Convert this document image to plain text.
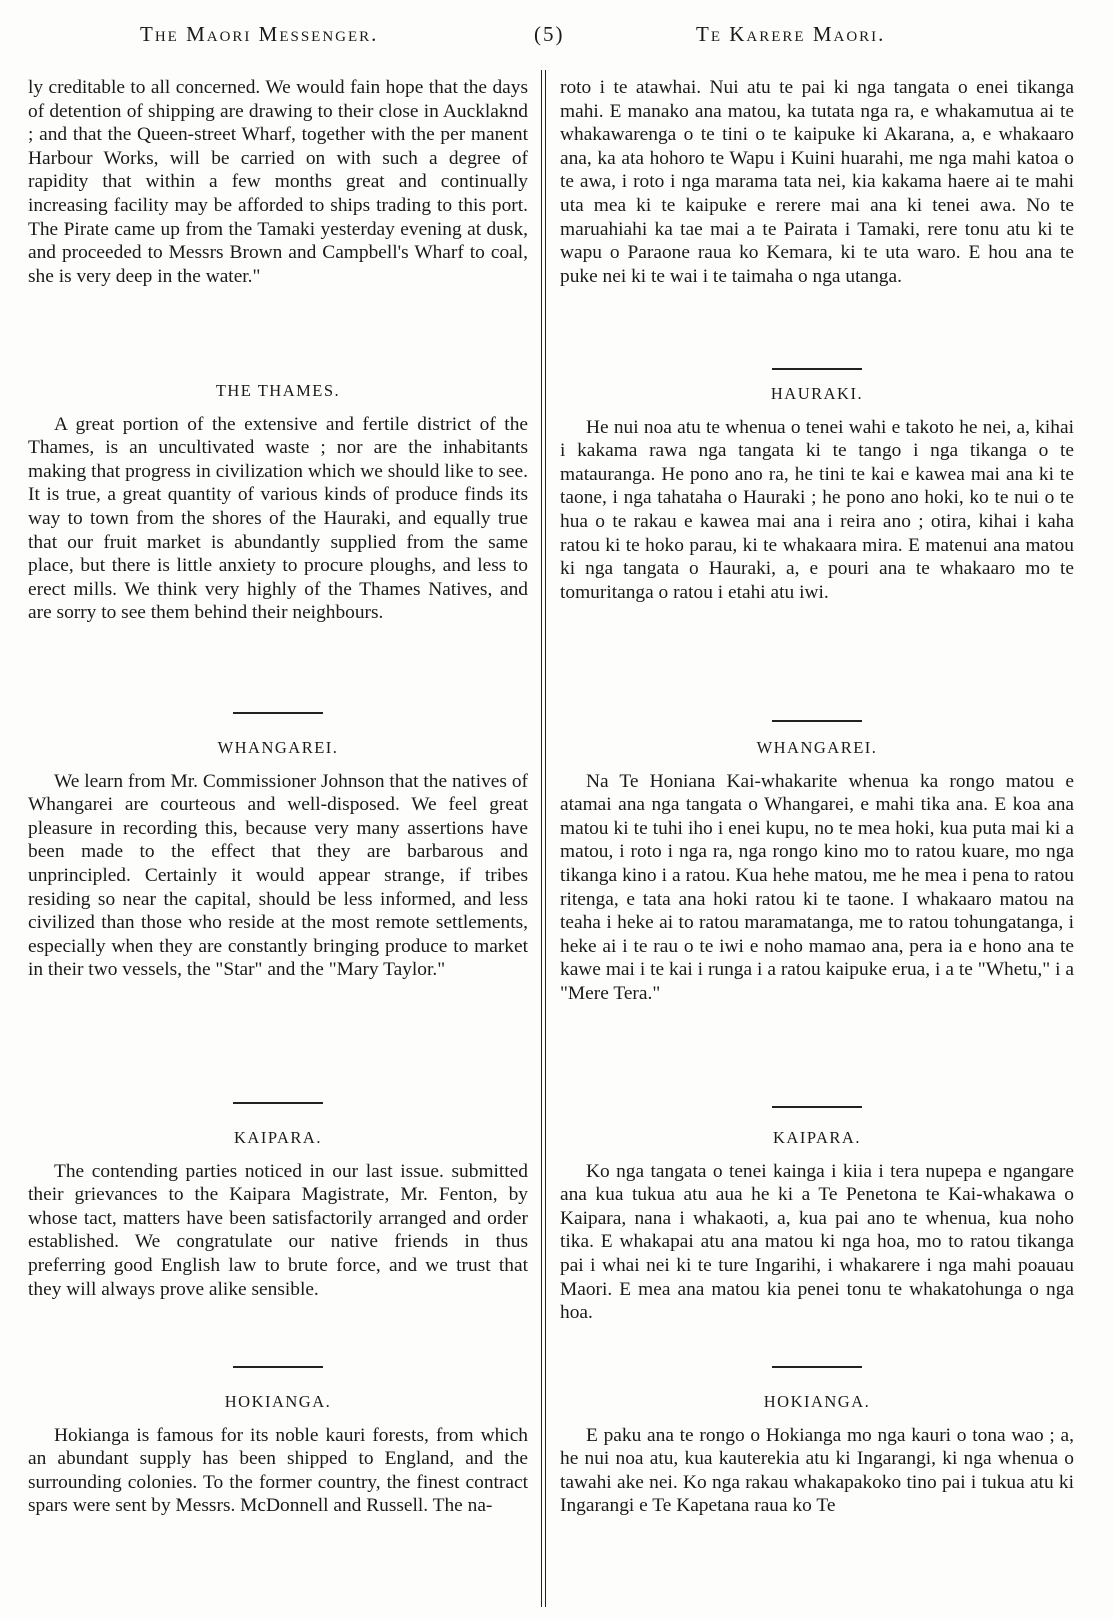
The Maori Messenger.	(5)	Te Karere Maori.

ly creditable to all concerned. We would fain hope that the days of detention of shipping are drawing to their close in Aucklaknd ; and that the Queen-street Wharf, together with the per manent Harbour Works, will be carried on with such a degree of rapidity that within a few months great and continually increasing facility may be afforded to ships trading to this port. The Pirate came up from the Tamaki yesterday evening at dusk, and proceeded to Messrs Brown and Campbell's Wharf to coal, she is very deep in the water."

THE THAMES.

A great portion of the extensive and fertile district of the Thames, is an uncultivated waste ; nor are the inhabitants making that progress in civilization which we should like to see. It is true, a great quantity of various kinds of produce finds its way to town from the shores of the Hauraki, and equally true that our fruit market is abundantly supplied from the same place, but there is little anxiety to procure ploughs, and less to erect mills. We think very highly of the Thames Natives, and are sorry to see them behind their neighbours.

WHANGAREI.

We learn from Mr. Commissioner Johnson that the natives of Whangarei are courteous and well-disposed. We feel great pleasure in recording this, because very many assertions have been made to the effect that they are barbarous and unprincipled. Certainly it would appear strange, if tribes residing so near the capital, should be less informed, and less civilized than those who reside at the most remote settlements, especially when they are constantly bringing produce to market in their two vessels, the "Star" and the "Mary Taylor."

KAIPARA.

The contending parties noticed in our last issue. submitted their grievances to the Kaipara Magistrate, Mr. Fenton, by whose tact, matters have been satisfactorily arranged and order established. We congratulate our native friends in thus preferring good English law to brute force, and we trust that they will always prove alike sensible.

HOKIANGA.

Hokianga is famous for its noble kauri forests, from which an abundant supply has been shipped to England, and the surrounding colonies. To the former country, the finest contract spars were sent by Messrs. McDonnell and Russell. The na-

roto i te atawhai. Nui atu te pai ki nga tangata o enei tikanga mahi. E manako ana matou, ka tutata nga ra, e whakamutua ai te whakawarenga o te tini o te kaipuke ki Akarana, a, e whakaaro ana, ka ata hohoro te Wapu i Kuini huarahi, me nga mahi katoa o te awa, i roto i nga marama tata nei, kia kakama haere ai te mahi uta mea ki te kaipuke e rerere mai ana ki tenei awa. No te maruahiahi ka tae mai a te Pairata i Tamaki, rere tonu atu ki te wapu o Paraone raua ko Kemara, ki te uta waro. E hou ana te puke nei ki te wai i te taimaha o nga utanga.

HAURAKI.

He nui noa atu te whenua o tenei wahi e takoto he nei, a, kihai i kakama rawa nga tangata ki te tango i nga tikanga o te matauranga. He pono ano ra, he tini te kai e kawea mai ana ki te taone, i nga tahataha o Hauraki ; he pono ano hoki, ko te nui o te hua o te rakau e kawea mai ana i reira ano ; otira, kihai i kaha ratou ki te hoko parau, ki te whakaara mira. E matenui ana matou ki nga tangata o Hauraki, a, e pouri ana te whakaaro mo te tomuritanga o ratou i etahi atu iwi.

WHANGAREI.

Na Te Honiana Kai-whakarite whenua ka rongo matou e atamai ana nga tangata o Whangarei, e mahi tika ana. E koa ana matou ki te tuhi iho i enei kupu, no te mea hoki, kua puta mai ki a matou, i roto i nga ra, nga rongo kino mo to ratou kuare, mo nga tikanga kino i a ratou. Kua hehe matou, me he mea i pena to ratou ritenga, e tata ana hoki ratou ki te taone. I whakaaro matou na teaha i heke ai to ratou maramatanga, me to ratou tohungatanga, i heke ai i te rau o te iwi e noho mamao ana, pera ia e hono ana te kawe mai i te kai i runga i a ratou kaipuke erua, i a te "Whetu," i a "Mere Tera."

KAIPARA.

Ko nga tangata o tenei kainga i kiia i tera nupepa e ngangare ana kua tukua atu aua he ki a Te Penetona te Kai-whakawa o Kaipara, nana i whakaoti, a, kua pai ano te whenua, kua noho tika. E whakapai atu ana matou ki nga hoa, mo to ratou tikanga pai i whai nei ki te ture Ingarihi, i whakarere i nga mahi poauau Maori. E mea ana matou kia penei tonu te whakatohunga o nga hoa.

HOKIANGA.

E paku ana te rongo o Hokianga mo nga kauri o tona wao ; a, he nui noa atu, kua kauterekia atu ki Ingarangi, ki nga whenua o tawahi ake nei. Ko nga rakau whakapakoko tino pai i tukua atu ki Ingarangi e Te Kapetana raua ko Te
